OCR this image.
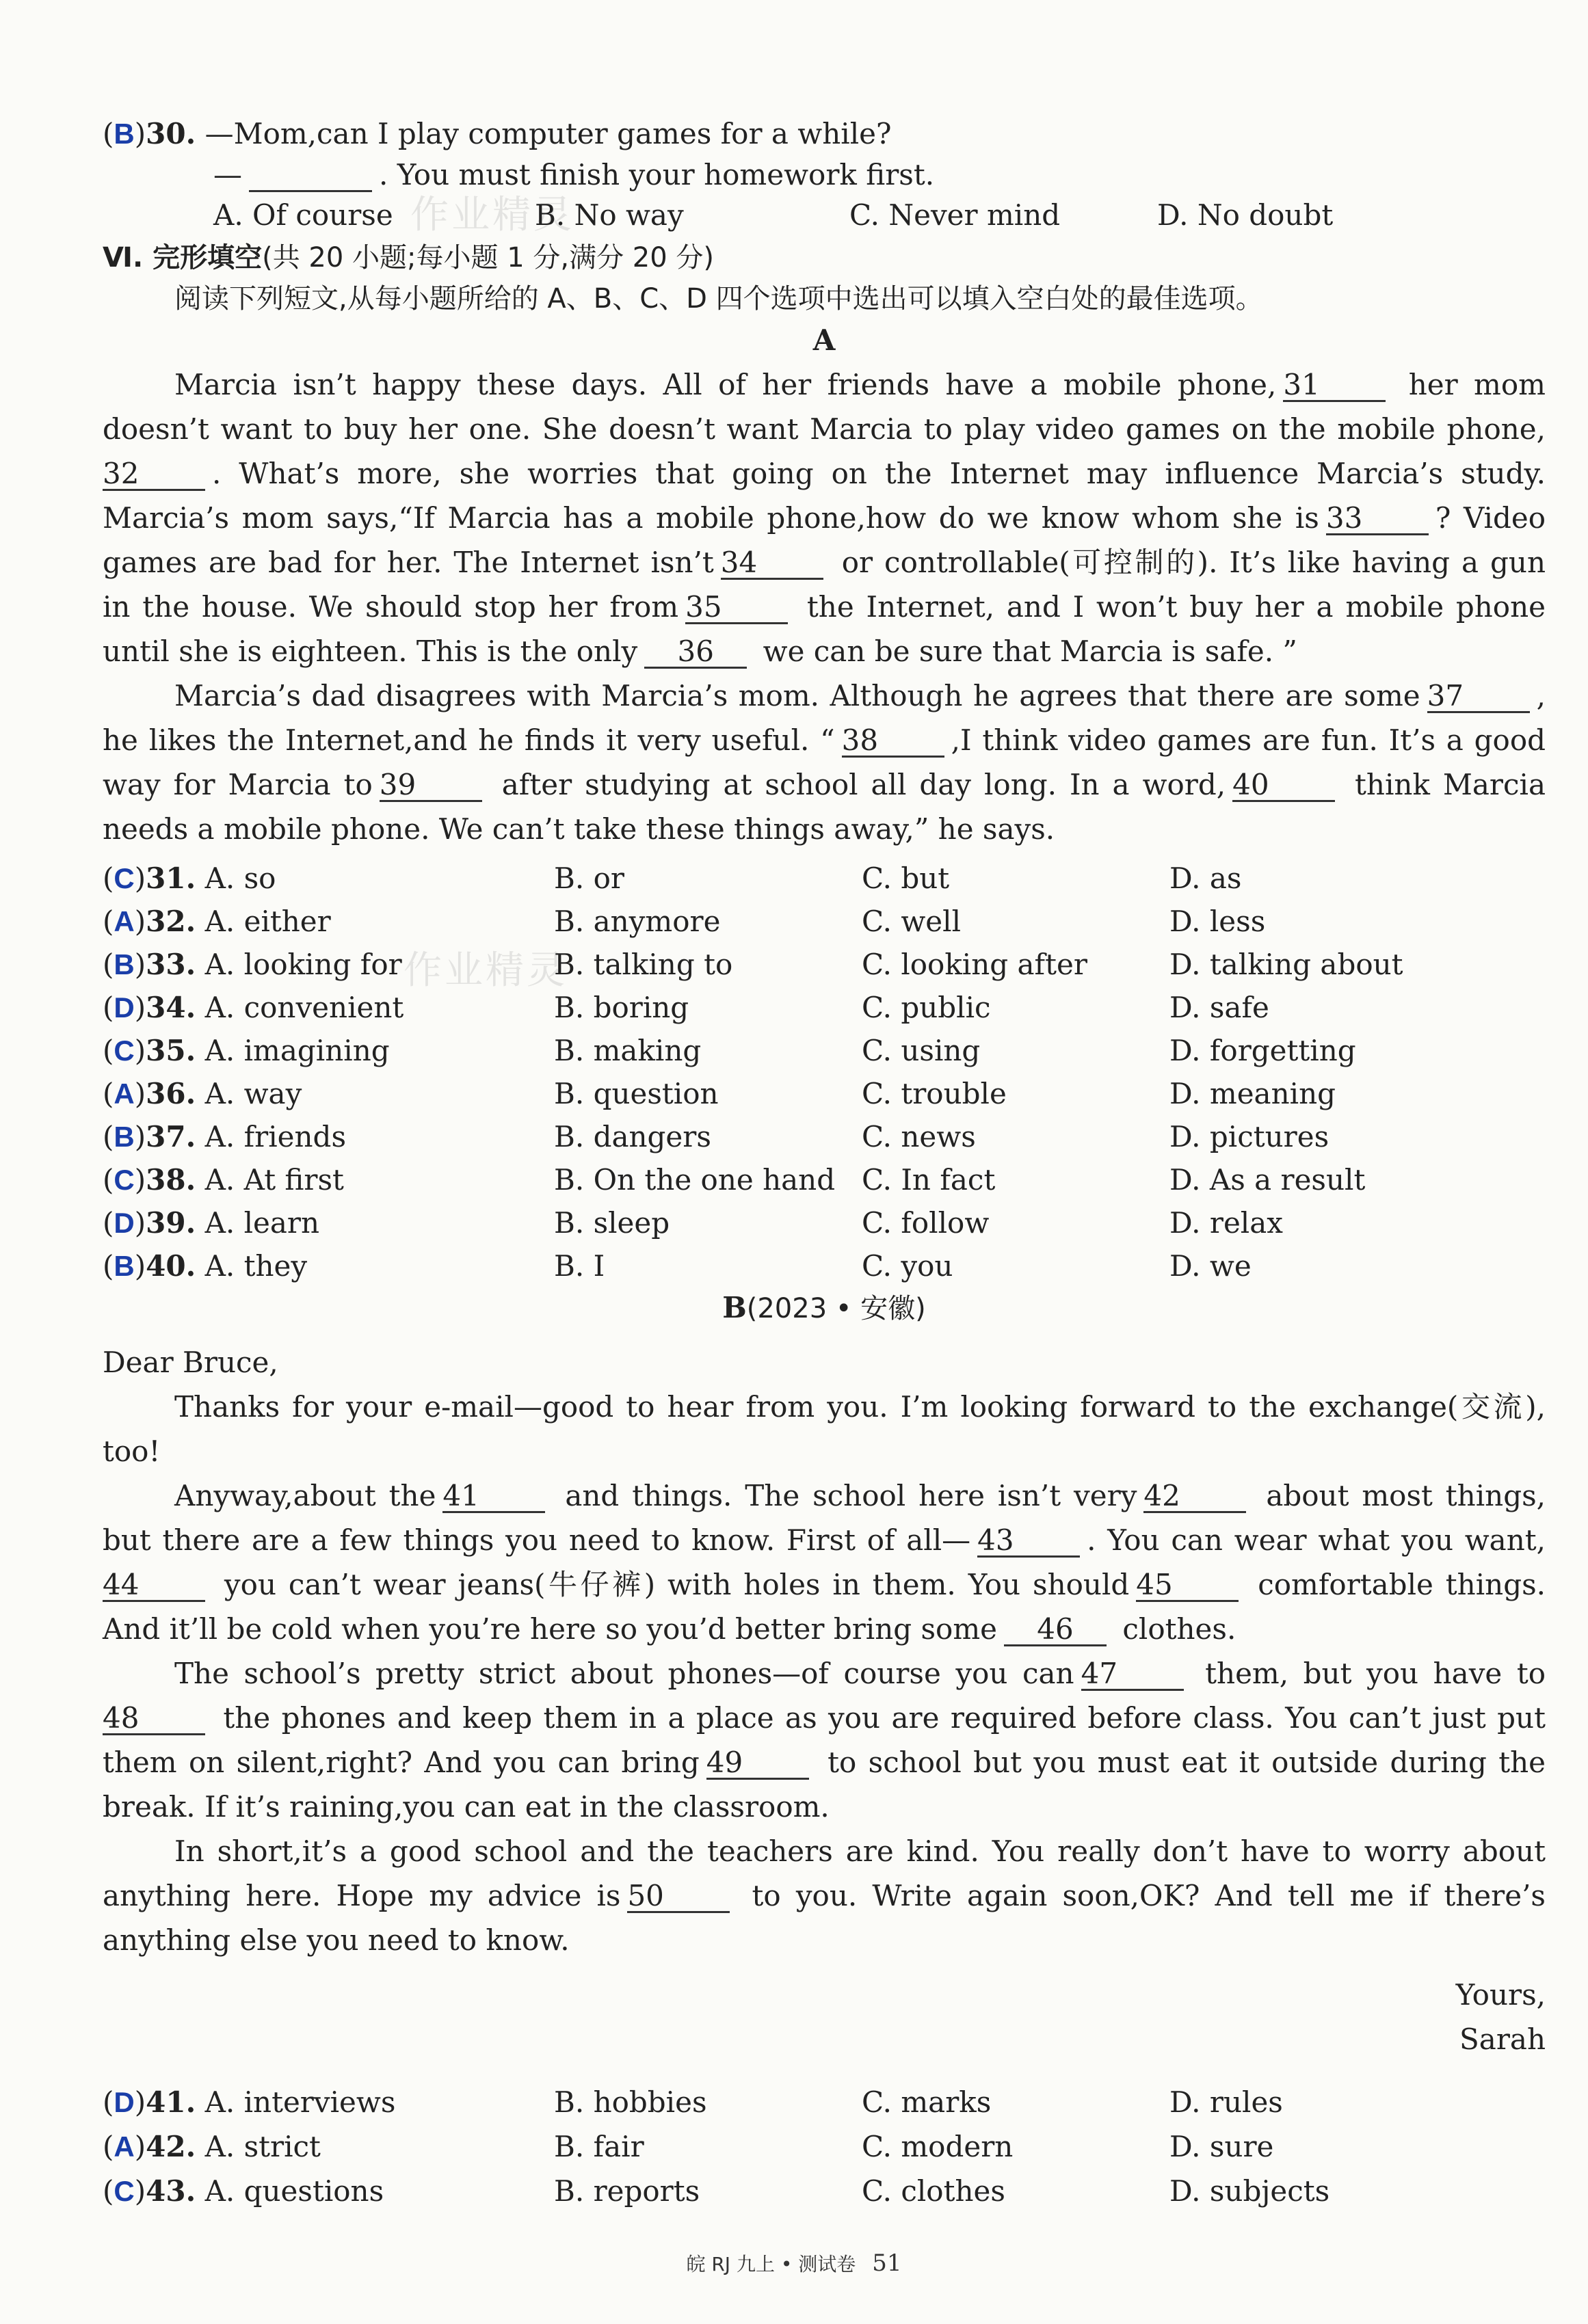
作业精灵
作业精灵
(B)30. —Mom,can I play computer games for a while?
—	. You must finish your homework first.
A. Of course	B. No way	C. Never mind	D. No doubt
Ⅵ. 完形填空(共 20 小题;每小题 1 分,满分 20 分)
阅读下列短文,从每小题所给的 A、B、C、D 四个选项中选出可以填入空白处的最佳选项。
A
Marcia isn’t happy these days. All of her friends have a mobile phone, 31	her mom
doesn’t want to buy her one. She doesn’t want Marcia to play video games on the mobile phone,
32	. What’s more, she worries that going on the Internet may influence Marcia’s study.
Marcia’s mom says,“If Marcia has a mobile phone,how do we know whom she is 33	? Video
games are bad for her. The Internet isn’t 34	or controllable(可控制的). It’s like having a gun
in the house. We should stop her from 35	the Internet, and I won’t buy her a mobile phone
until she is eighteen. This is the only 36 we can be sure that Marcia is safe. ”
Marcia’s dad disagrees with Marcia’s mom. Although he agrees that there are some 37	,
he likes the Internet,and he finds it very useful. “ 38	,I think video games are fun. It’s a good
way for Marcia to 39	after studying at school all day long. In a word, 40	think Marcia
needs a mobile phone. We can’t take these things away,” he says.
(C)31. A. so	B. or	C. but	D. as
(A)32. A. either	B. anymore	C. well	D. less
(B)33. A. looking for	B. talking to	C. looking after	D. talking about
(D)34. A. convenient	B. boring	C. public	D. safe
(C)35. A. imagining	B. making	C. using	D. forgetting
(A)36. A. way	B. question	C. trouble	D. meaning
(B)37. A. friends	B. dangers	C. news	D. pictures
(C)38. A. At first	B. On the one hand C. In fact	D. As a result
(D)39. A. learn	B. sleep	C. follow	D. relax
(B)40. A. they	B. I	C. you	D. we
B(2023 • 安徽)
Dear Bruce,
Thanks for your e-mail—good to hear from you. I’m looking forward to the exchange(交流),
too!
Anyway,about the 41	and things. The school here isn’t very 42	about most things,
but there are a few things you need to know. First of all— 43	. You can wear what you want,
44	you can’t wear jeans(牛仔裤) with holes in them. You should 45	comfortable things.
And it’ll be cold when you’re here so you’d better bring some 46 clothes.
The school’s pretty strict about phones—of course you can 47	them, but you have to
48	the phones and keep them in a place as you are required before class. You can’t just put
them on silent,right? And you can bring 49	to school but you must eat it outside during the
break. If it’s raining,you can eat in the classroom.
In short,it’s a good school and the teachers are kind. You really don’t have to worry about
anything here. Hope my advice is 50	to you. Write again soon,OK? And tell me if there’s
anything else you need to know.
Yours,
Sarah
(D)41. A. interviews	B. hobbies	C. marks	D. rules
(A)42. A. strict	B. fair	C. modern	D. sure
(C)43. A. questions	B. reports	C. clothes	D. subjects
皖 RJ 九上 • 测试卷 51
